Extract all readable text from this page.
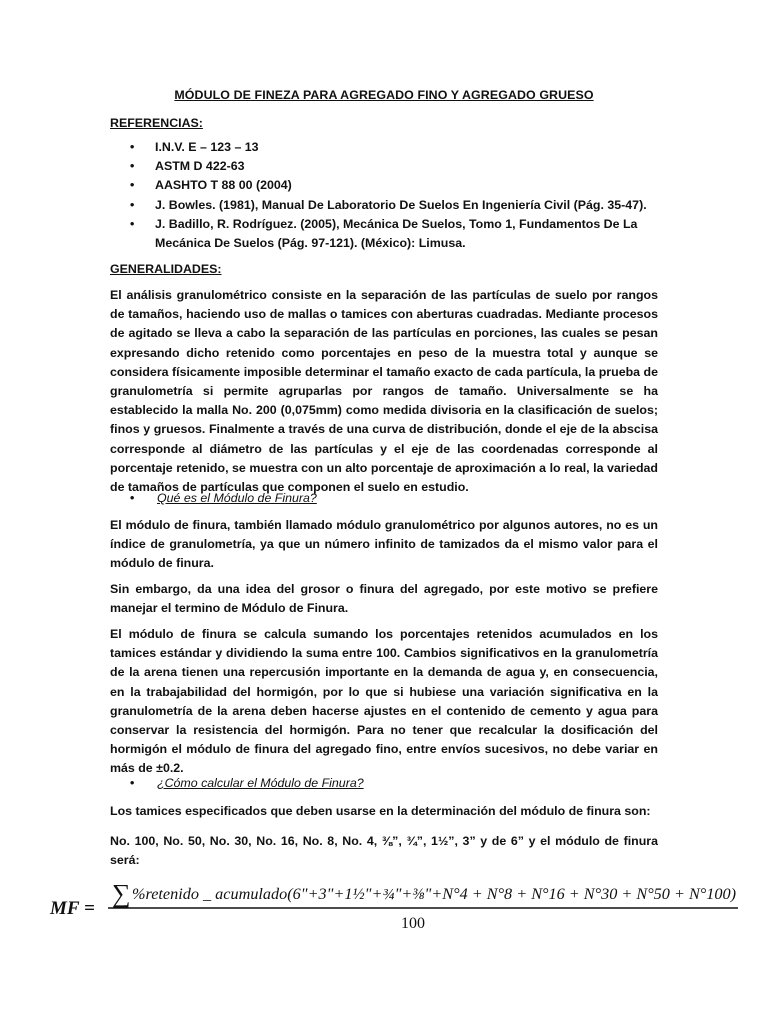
MÓDULO DE FINEZA PARA AGREGADO FINO Y AGREGADO GRUESO
REFERENCIAS:
• I.N.V. E – 123 – 13
• ASTM D 422-63
• AASHTO T 88 00 (2004)
• J. Bowles. (1981), Manual De Laboratorio De Suelos En Ingeniería Civil (Pág. 35-47).
• J. Badillo, R. Rodríguez. (2005), Mecánica De Suelos, Tomo 1, Fundamentos De La Mecánica De Suelos (Pág. 97-121). (México): Limusa.
GENERALIDADES:
El análisis granulométrico consiste en la separación de las partículas de suelo por rangos de tamaños, haciendo uso de mallas o tamices con aberturas cuadradas. Mediante procesos de agitado se lleva a cabo la separación de las partículas en porciones, las cuales se pesan expresando dicho retenido como porcentajes en peso de la muestra total y aunque se considera físicamente imposible determinar el tamaño exacto de cada partícula, la prueba de granulometría si permite agruparlas por rangos de tamaño. Universalmente se ha establecido la malla No. 200 (0,075mm) como medida divisoria en la clasificación de suelos; finos y gruesos. Finalmente a través de una curva de distribución, donde el eje de la abscisa corresponde al diámetro de las partículas y el eje de las coordenadas corresponde al porcentaje retenido, se muestra con un alto porcentaje de aproximación a lo real, la variedad de tamaños de partículas que componen el suelo en estudio.
• Qué es el Módulo de Finura?
El módulo de finura, también llamado módulo granulométrico por algunos autores, no es un índice de granulometría, ya que un número infinito de tamizados da el mismo valor para el módulo de finura.
Sin embargo, da una idea del grosor o finura del agregado, por este motivo se prefiere manejar el termino de Módulo de Finura.
El módulo de finura se calcula sumando los porcentajes retenidos acumulados en los tamices estándar y dividiendo la suma entre 100. Cambios significativos en la granulometría de la arena tienen una repercusión importante en la demanda de agua y, en consecuencia, en la trabajabilidad del hormigón, por lo que si hubiese una variación significativa en la granulometría de la arena deben hacerse ajustes en el contenido de cemento y agua para conservar la resistencia del hormigón. Para no tener que recalcular la dosificación del hormigón el módulo de finura del agregado fino, entre envíos sucesivos, no debe variar en más de ±0.2.
• ¿Cómo calcular el Módulo de Finura?
Los tamices especificados que deben usarse en la determinación del módulo de finura son:
No. 100, No. 50, No. 30, No. 16, No. 8, No. 4, ⅜”, ¾”, 1½”, 3” y de 6” y el módulo de finura será:
MF =
∑ %retenido _ acumulado(6"+3"+1½"+¾"+⅜"+N°4 + N°8 + N°16 + N°30 + N°50 + N°100)
100
